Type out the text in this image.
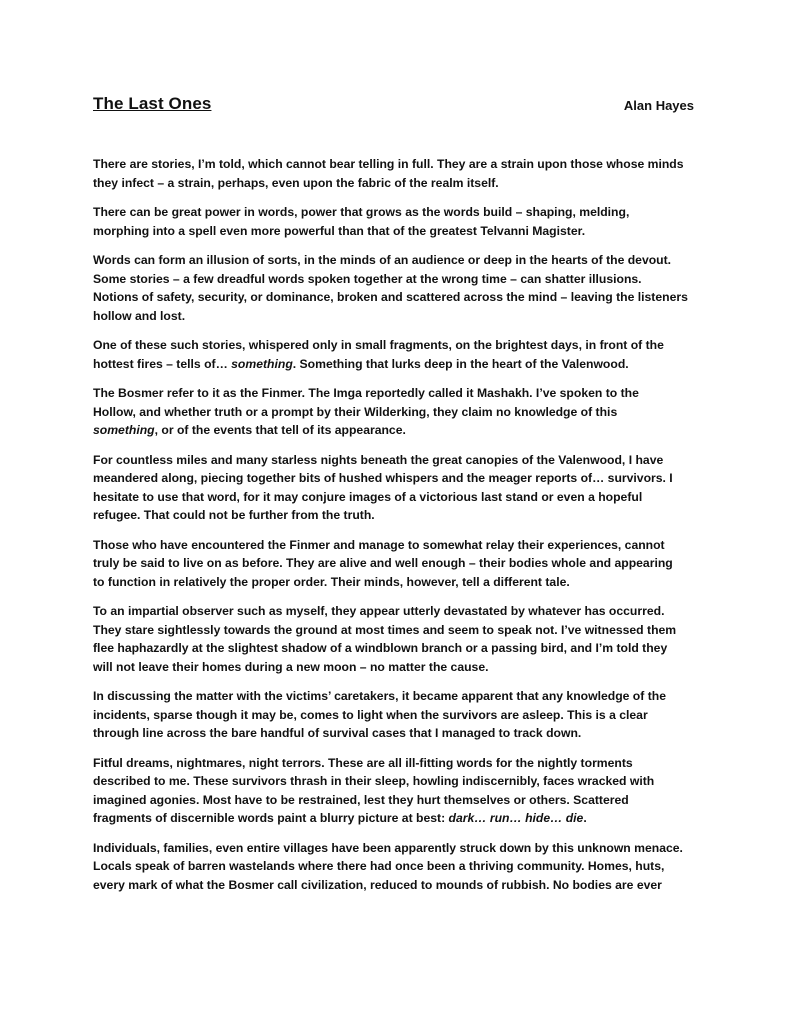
The Last Ones	Alan Hayes

There are stories, I’m told, which cannot bear telling in full. They are a strain upon those whose minds
they infect – a strain, perhaps, even upon the fabric of the realm itself.

There can be great power in words, power that grows as the words build – shaping, melding,
morphing into a spell even more powerful than that of the greatest Telvanni Magister.

Words can form an illusion of sorts, in the minds of an audience or deep in the hearts of the devout.
Some stories – a few dreadful words spoken together at the wrong time – can shatter illusions.
Notions of safety, security, or dominance, broken and scattered across the mind – leaving the listeners
hollow and lost.

One of these such stories, whispered only in small fragments, on the brightest days, in front of the
hottest fires – tells of… something. Something that lurks deep in the heart of the Valenwood.

The Bosmer refer to it as the Finmer. The Imga reportedly called it Mashakh. I’ve spoken to the
Hollow, and whether truth or a prompt by their Wilderking, they claim no knowledge of this
something, or of the events that tell of its appearance.

For countless miles and many starless nights beneath the great canopies of the Valenwood, I have
meandered along, piecing together bits of hushed whispers and the meager reports of… survivors. I
hesitate to use that word, for it may conjure images of a victorious last stand or even a hopeful
refugee. That could not be further from the truth.

Those who have encountered the Finmer and manage to somewhat relay their experiences, cannot
truly be said to live on as before. They are alive and well enough – their bodies whole and appearing
to function in relatively the proper order. Their minds, however, tell a different tale.

To an impartial observer such as myself, they appear utterly devastated by whatever has occurred.
They stare sightlessly towards the ground at most times and seem to speak not. I’ve witnessed them
flee haphazardly at the slightest shadow of a windblown branch or a passing bird, and I’m told they
will not leave their homes during a new moon – no matter the cause.

In discussing the matter with the victims’ caretakers, it became apparent that any knowledge of the
incidents, sparse though it may be, comes to light when the survivors are asleep. This is a clear
through line across the bare handful of survival cases that I managed to track down.

Fitful dreams, nightmares, night terrors. These are all ill-fitting words for the nightly torments
described to me. These survivors thrash in their sleep, howling indiscernibly, faces wracked with
imagined agonies. Most have to be restrained, lest they hurt themselves or others. Scattered
fragments of discernible words paint a blurry picture at best: dark… run… hide… die.

Individuals, families, even entire villages have been apparently struck down by this unknown menace.
Locals speak of barren wastelands where there had once been a thriving community. Homes, huts,
every mark of what the Bosmer call civilization, reduced to mounds of rubbish. No bodies are ever
